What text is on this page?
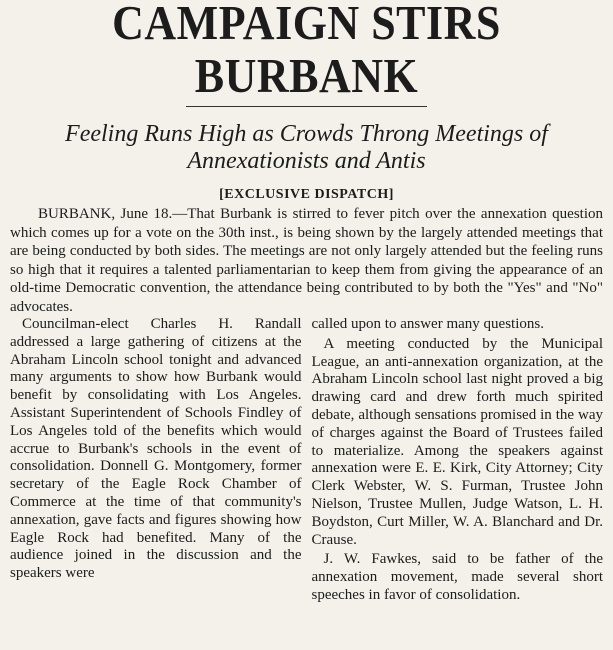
CAMPAIGN STIRS BURBANK
Feeling Runs High as Crowds Throng Meetings of
Annexationists and Antis
[EXCLUSIVE DISPATCH]

BURBANK, June 18.—That Burbank is stirred to fever pitch over the annexation question which comes up for a vote on the 30th inst., is being shown by the largely attended meetings that are being conducted by both sides. The meetings are not only largely attended but the feeling runs so high that it requires a talented parliamentarian to keep them from giving the appearance of an old-time Democratic convention, the attendance being contributed to by both the "Yes" and "No" advocates.

Councilman-elect Charles H. Randall addressed a large gathering of citizens at the Abraham Lincoln school tonight and advanced many arguments to show how Burbank would benefit by consolidating with Los Angeles. Assistant Superintendent of Schools Findley of Los Angeles told of the benefits which would accrue to Burbank's schools in the event of consolidation. Donnell G. Montgomery, former secretary of the Eagle Rock Chamber of Commerce at the time of that community's annexation, gave facts and figures showing how Eagle Rock had benefited. Many of the audience joined in the discussion and the speakers were

called upon to answer many questions.

A meeting conducted by the Municipal League, an anti-annexation organization, at the Abraham Lincoln school last night proved a big drawing card and drew forth much spirited debate, although sensations promised in the way of charges against the Board of Trustees failed to materialize. Among the speakers against annexation were E. E. Kirk, City Attorney; City Clerk Webster, W. S. Furman, Trustee John Nielson, Trustee Mullen, Judge Watson, L. H. Boydston, Curt Miller, W. A. Blanchard and Dr. Crause.

J. W. Fawkes, said to be father of the annexation movement, made several short speeches in favor of consolidation.
